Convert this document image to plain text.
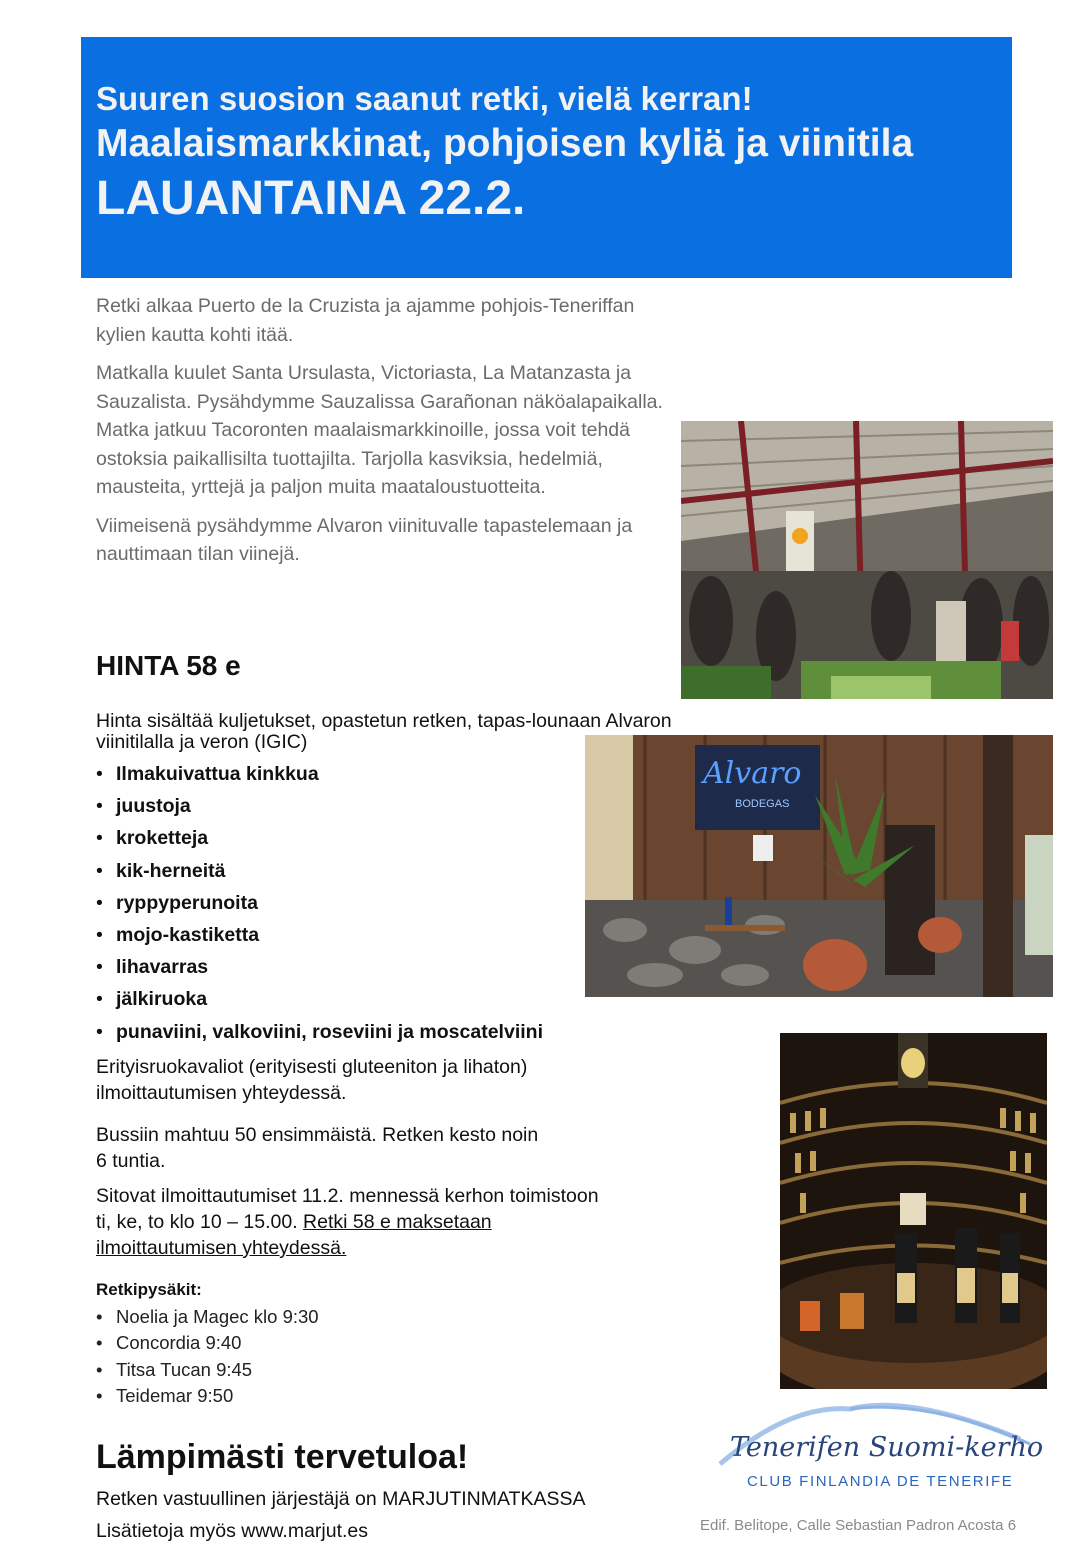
Suuren suosion saanut retki, vielä kerran!
Maalaismarkkinat, pohjoisen kyliä ja viinitila
LAUANTAINA 22.2.

Retki alkaa Puerto de la Cruzista ja ajamme pohjois-Teneriffan kylien kautta kohti itää.

Matkalla kuulet Santa Ursulasta, Victoriasta, La Matanzasta ja Sauzalista. Pysähdymme Sauzalissa Garañonan näköalapaikalla. Matka jatkuu Tacoronten maalaismarkkinoille, jossa voit tehdä ostoksia paikallisilta tuottajilta. Tarjolla kasviksia, hedelmiä, mausteita, yrttejä ja paljon muita maataloustuotteita.

Viimeisenä pysähdymme Alvaron viinituvalle tapastelemaan ja nauttimaan tilan viinejä.

HINTA 58 e
Hinta sisältää kuljetukset, opastetun retken, tapas-lounaan Alvaron viinitilalla ja veron (IGIC)
Alvaro
BODEGAS
• Ilmakuivattua kinkkua
• juustoja
• kroketteja
• kik-herneitä
• ryppyperunoita
• mojo-kastiketta
• lihavarras
• jälkiruoka
• punaviini, valkoviini, roseviini ja moscatelviini
Erityisruokavaliot (erityisesti gluteeniton ja lihaton)
ilmoittautumisen yhteydessä.
Bussiin mahtuu 50 ensimmäistä. Retken kesto noin
6 tuntia.
Sitovat ilmoittautumiset 11.2. mennessä kerhon toimistoon
ti, ke, to klo 10 – 15.00. Retki 58 e maksetaan
ilmoittautumisen yhteydessä.
Retkipysäkit:
• Noelia ja Magec klo 9:30
• Concordia 9:40
• Titsa Tucan 9:45
• Teidemar 9:50
Lämpimästi tervetuloa!
Retken vastuullinen järjestäjä on MARJUTINMATKASSA
Lisätietoja myös www.marjut.es
Tenerifen Suomi-kerho
CLUB FINLANDIA DE TENERIFE
Edif. Belitope, Calle Sebastian Padron Acosta 6
